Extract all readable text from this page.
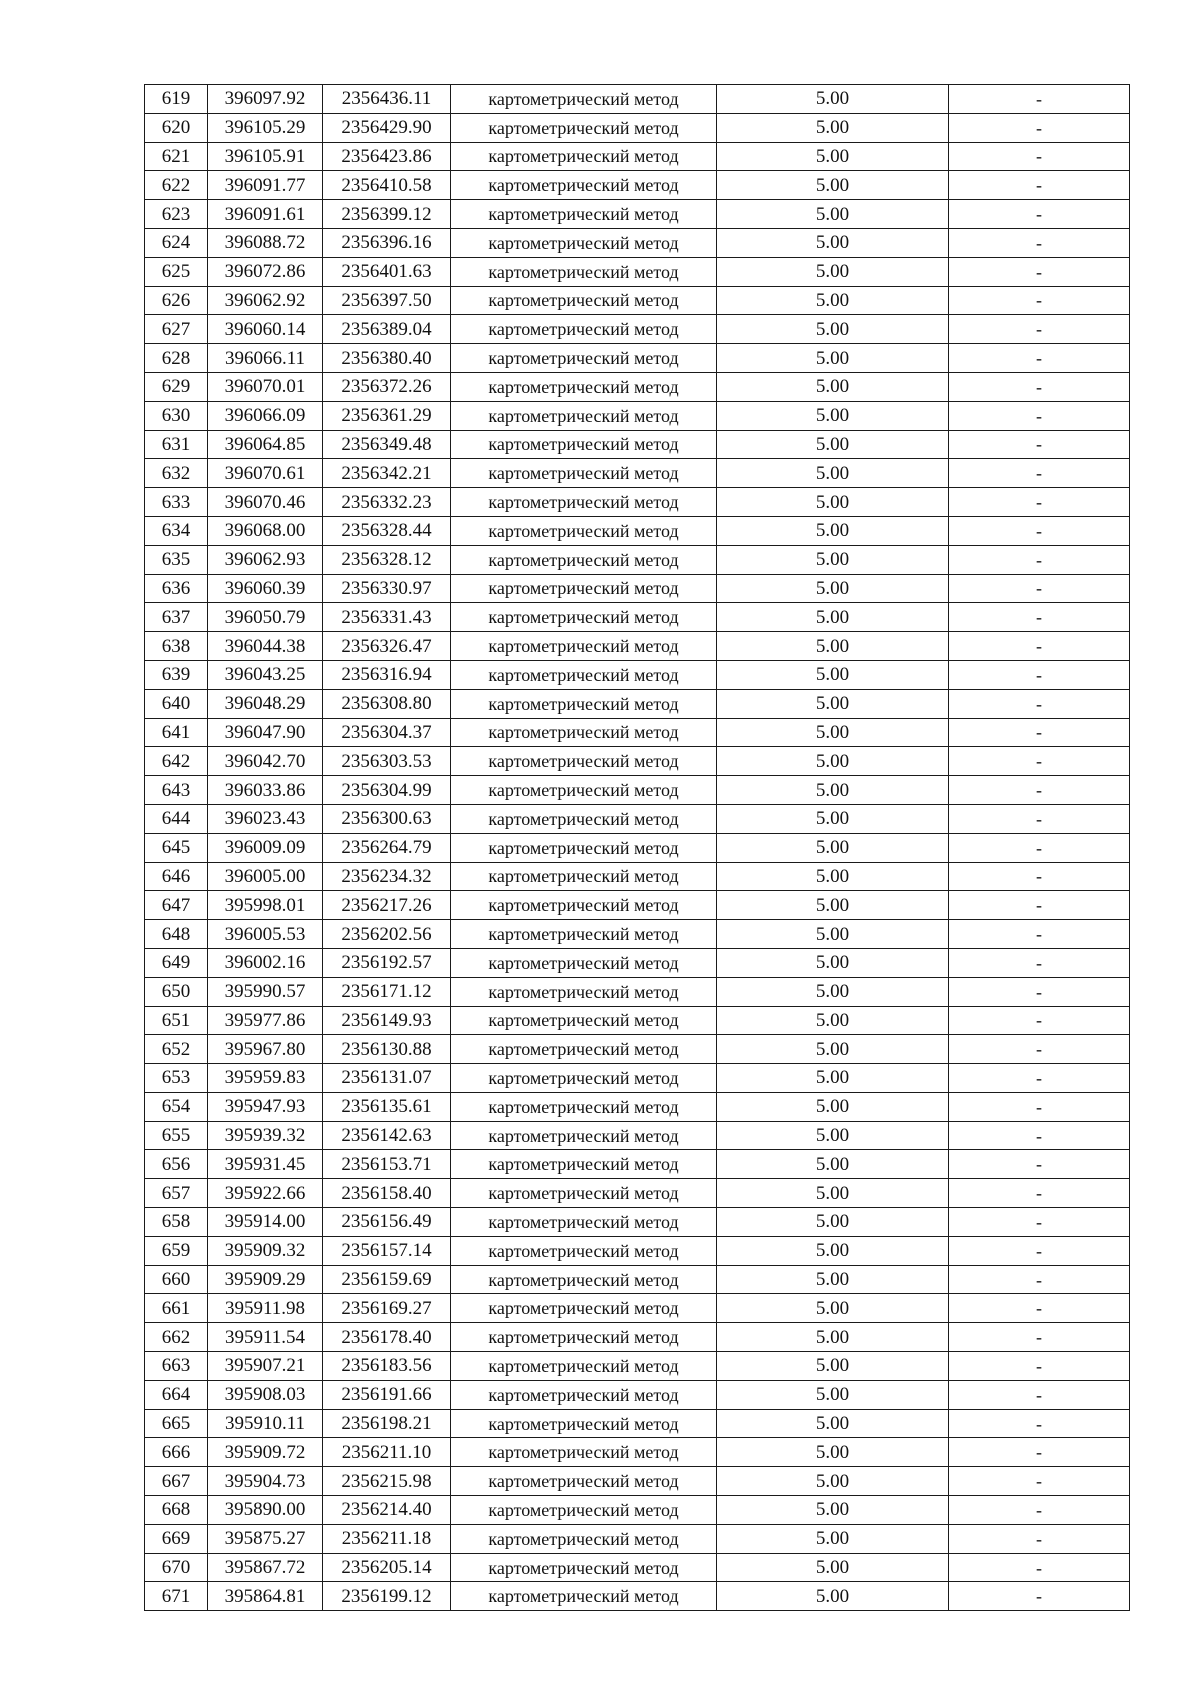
619	396097.92	2356436.11	картометрический метод	5.00	-
620	396105.29	2356429.90	картометрический метод	5.00	-
621	396105.91	2356423.86	картометрический метод	5.00	-
622	396091.77	2356410.58	картометрический метод	5.00	-
623	396091.61	2356399.12	картометрический метод	5.00	-
624	396088.72	2356396.16	картометрический метод	5.00	-
625	396072.86	2356401.63	картометрический метод	5.00	-
626	396062.92	2356397.50	картометрический метод	5.00	-
627	396060.14	2356389.04	картометрический метод	5.00	-
628	396066.11	2356380.40	картометрический метод	5.00	-
629	396070.01	2356372.26	картометрический метод	5.00	-
630	396066.09	2356361.29	картометрический метод	5.00	-
631	396064.85	2356349.48	картометрический метод	5.00	-
632	396070.61	2356342.21	картометрический метод	5.00	-
633	396070.46	2356332.23	картометрический метод	5.00	-
634	396068.00	2356328.44	картометрический метод	5.00	-
635	396062.93	2356328.12	картометрический метод	5.00	-
636	396060.39	2356330.97	картометрический метод	5.00	-
637	396050.79	2356331.43	картометрический метод	5.00	-
638	396044.38	2356326.47	картометрический метод	5.00	-
639	396043.25	2356316.94	картометрический метод	5.00	-
640	396048.29	2356308.80	картометрический метод	5.00	-
641	396047.90	2356304.37	картометрический метод	5.00	-
642	396042.70	2356303.53	картометрический метод	5.00	-
643	396033.86	2356304.99	картометрический метод	5.00	-
644	396023.43	2356300.63	картометрический метод	5.00	-
645	396009.09	2356264.79	картометрический метод	5.00	-
646	396005.00	2356234.32	картометрический метод	5.00	-
647	395998.01	2356217.26	картометрический метод	5.00	-
648	396005.53	2356202.56	картометрический метод	5.00	-
649	396002.16	2356192.57	картометрический метод	5.00	-
650	395990.57	2356171.12	картометрический метод	5.00	-
651	395977.86	2356149.93	картометрический метод	5.00	-
652	395967.80	2356130.88	картометрический метод	5.00	-
653	395959.83	2356131.07	картометрический метод	5.00	-
654	395947.93	2356135.61	картометрический метод	5.00	-
655	395939.32	2356142.63	картометрический метод	5.00	-
656	395931.45	2356153.71	картометрический метод	5.00	-
657	395922.66	2356158.40	картометрический метод	5.00	-
658	395914.00	2356156.49	картометрический метод	5.00	-
659	395909.32	2356157.14	картометрический метод	5.00	-
660	395909.29	2356159.69	картометрический метод	5.00	-
661	395911.98	2356169.27	картометрический метод	5.00	-
662	395911.54	2356178.40	картометрический метод	5.00	-
663	395907.21	2356183.56	картометрический метод	5.00	-
664	395908.03	2356191.66	картометрический метод	5.00	-
665	395910.11	2356198.21	картометрический метод	5.00	-
666	395909.72	2356211.10	картометрический метод	5.00	-
667	395904.73	2356215.98	картометрический метод	5.00	-
668	395890.00	2356214.40	картометрический метод	5.00	-
669	395875.27	2356211.18	картометрический метод	5.00	-
670	395867.72	2356205.14	картометрический метод	5.00	-
671	395864.81	2356199.12	картометрический метод	5.00	-
